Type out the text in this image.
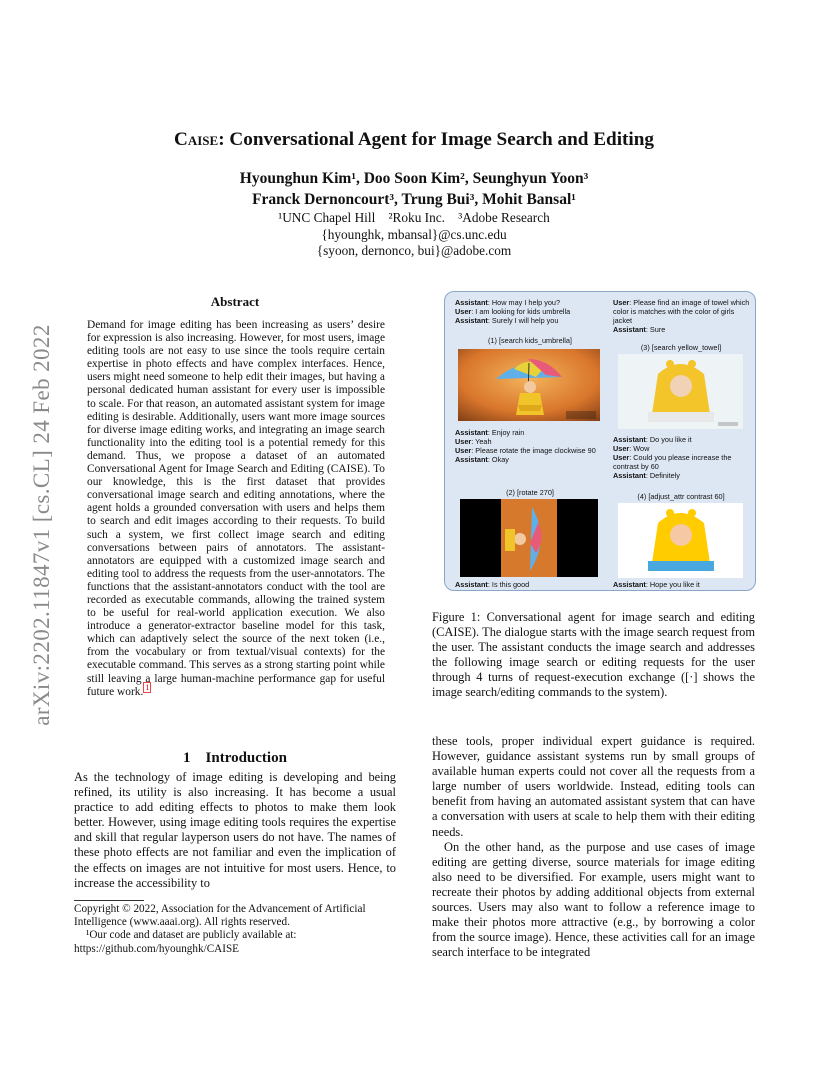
arXiv:2202.11847v1 [cs.CL] 24 Feb 2022
Caise: Conversational Agent for Image Search and Editing
Hyounghun Kim¹, Doo Soon Kim², Seunghyun Yoon³
Franck Dernoncourt³, Trung Bui³, Mohit Bansal¹
¹UNC Chapel Hill    ²Roku Inc.    ³Adobe Research
{hyounghk, mbansal}@cs.unc.edu
{syoon, dernonco, bui}@adobe.com
Abstract
Demand for image editing has been increasing as users’ desire for expression is also increasing. However, for most users, image editing tools are not easy to use since the tools require certain expertise in photo effects and have complex interfaces. Hence, users might need someone to help edit their images, but having a personal dedicated human assistant for every user is impossible to scale. For that reason, an automated assistant system for image editing is desirable. Additionally, users want more image sources for diverse image editing works, and integrating an image search functionality into the editing tool is a potential remedy for this demand. Thus, we propose a dataset of an automated Conversational Agent for Image Search and Editing (CAISE). To our knowledge, this is the first dataset that provides conversational image search and editing annotations, where the agent holds a grounded conversation with users and helps them to search and edit images according to their requests. To build such a system, we first collect image search and editing conversations between pairs of annotators. The assistant-annotators are equipped with a customized image search and editing tool to address the requests from the user-annotators. The functions that the assistant-annotators conduct with the tool are recorded as executable commands, allowing the trained system to be useful for real-world application execution. We also introduce a generator-extractor baseline model for this task, which can adaptively select the source of the next token (i.e., from the vocabulary or from textual/visual contexts) for the executable command. This serves as a strong starting point while still leaving a large human-machine performance gap for useful future work. $^1$
1    Introduction
As the technology of image editing is developing and being refined, its utility is also increasing. It has become a usual practice to add editing effects to photos to make them look better. However, using image editing tools requires the expertise and skill that regular layperson users do not have. The names of these photo effects are not familiar and even the implication of the effects on images are not intuitive for most users. Hence, to increase the accessibility to
Copyright © 2022, Association for the Advancement of Artificial Intelligence (www.aaai.org). All rights reserved.
¹Our code and dataset are publicly available at: https://github.com/hyounghk/CAISE
Assistant: How may I help you?
User: I am looking for kids umbrella
Assistant: Surely I will help you
(1) [search kids_umbrella]
Assistant: Enjoy rain
User: Yeah
User: Please rotate the image clockwise 90
Assistant: Okay
(2) [rotate 270]
Assistant: Is this good
User: Please find an image of towel which color is matches with the color of girls jacket
Assistant: Sure
(3) [search yellow_towel]
Assistant: Do you like it
User: Wow
User: Could you please increase the contrast by 60
Assistant: Definitely
(4) [adjust_attr contrast 60]
Assistant: Hope you like it
Figure 1: Conversational agent for image search and editing (CAISE). The dialogue starts with the image search request from the user. The assistant conducts the image search and addresses the following image search or editing requests for the user through 4 turns of request-execution exchange ([·] shows the image search/editing commands to the system).

these tools, proper individual expert guidance is required. However, guidance assistant systems run by small groups of available human experts could not cover all the requests from a large number of users worldwide. Instead, editing tools can benefit from having an automated assistant system that can have a conversation with users at scale to help them with their editing needs.

On the other hand, as the purpose and use cases of image editing are getting diverse, source materials for image editing also need to be diversified. For example, users might want to recreate their photos by adding additional objects from external sources. Users may also want to follow a reference image to make their photos more attractive (e.g., by borrowing a color from the source image). Hence, these activities call for an image search interface to be integrated
